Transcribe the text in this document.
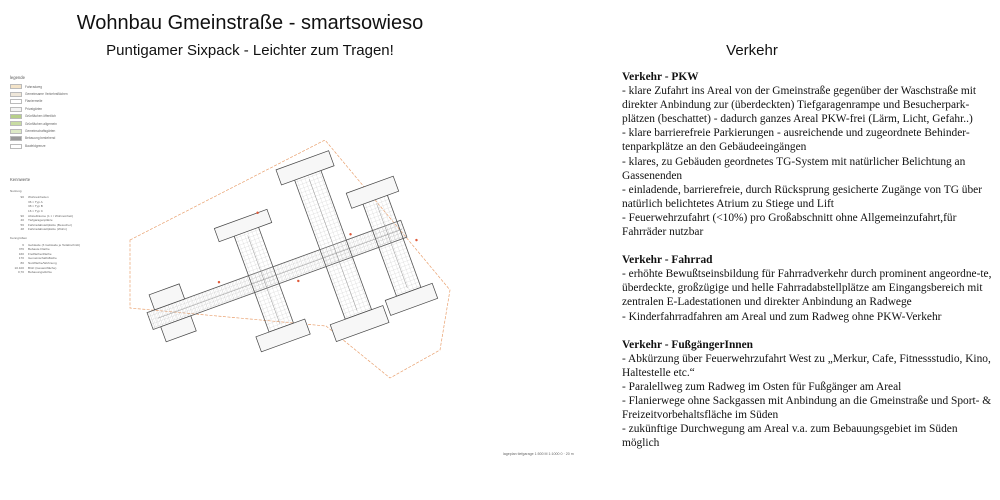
Wohnbau Gmeinstraße - smartsowieso
Puntigamer Sixpack - Leichter zum Tragen!	Verkehr
legende
Fahrradweg
Gemeinsame Verkehrsflächen
Flaniermeile
Privatgärten
Grünflächen öffentlich
Grünflächen allgemein
Gemeinschaftsgärten
Bebauung bestehend
Baufeldgrenze
Kennwerte
Nutzung
90 Wohneinheiten
36 × Typ A
38 × Typ B
16 × Typ C
90 Abstellräume (1 × / Wohneinheit)
40 Tiefgaragenplätze
56 Fahrradabstellplätze (Besucher)
48 Fahrradabstellplätze (Wohn)
Kenngrößen
6 Gebäude (3 Gebäude je Teilabschnitt)
376 Bebaute Fläche
160 Freiflächenfläche
170 Gemeinschaftsfläche
80 Nutzfläche/Wohnung
10.100 BGF (Gesamtfläche)
0,70 Bebauungsdichte
lageplan tiefgarage 1:500 M 1:1000 0 · 20 m
Verkehr - PKW
- klare Zufahrt ins Areal von der Gmeinstraße gegenüber der Waschstraße mit direkter Anbindung zur (überdeckten) Tiefgaragenrampe und Besucherpark-plätzen (beschattet) - dadurch ganzes Areal PKW-frei (Lärm, Licht, Gefahr..)
- klare barrierefreie Parkierungen - ausreichende und zugeordnete Behinder-tenparkplätze an den Gebäudeeingängen
- klares, zu Gebäuden geordnetes TG-System mit natürlicher Belichtung an Gassenenden
- einladende, barrierefreie, durch Rücksprung gesicherte Zugänge von TG über natürlich belichtetes Atrium zu Stiege und Lift
- Feuerwehrzufahrt (<10%) pro Großabschnitt ohne Allgemeinzufahrt,für Fahrräder nutzbar
Verkehr - Fahrrad
- erhöhte Bewußtseinsbildung für Fahrradverkehr durch prominent angeordne-te, überdeckte, großzügige und helle Fahrradabstellplätze am Eingangsbereich mit zentralen E-Ladestationen und direkter Anbindung an Radwege
- Kinderfahrradfahren am Areal und zum Radweg ohne PKW-Verkehr
Verkehr - FußgängerInnen
- Abkürzung über Feuerwehrzufahrt West zu „Merkur, Cafe, Fitnessstudio, Kino, Haltestelle etc.“
- Paralellweg zum Radweg im Osten für Fußgänger am Areal
- Flanierwege ohne Sackgassen mit Anbindung an die Gmeinstraße und Sport- & Freizeitvorbehaltsfläche im Süden
- zukünftige Durchwegung am Areal v.a. zum Bebauungsgebiet im Süden möglich
